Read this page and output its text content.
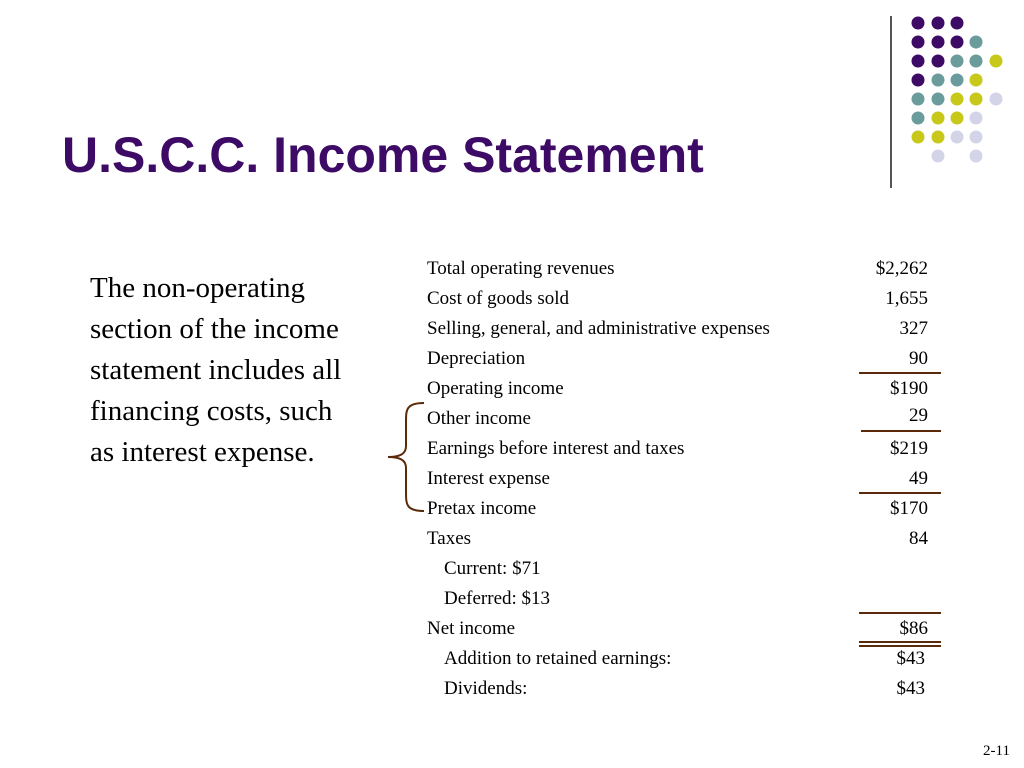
U.S.C.C. Income Statement
The non-operating section of the income statement includes all financing costs, such as interest expense.
Total operating revenues	$2,262
Cost of goods sold	1,655
Selling, general, and administrative expenses	327
Depreciation	90
Operating income	$190
Other income	29
Earnings before interest and taxes	$219
Interest expense	49
Pretax income	$170
Taxes	84
Current: $71
Deferred: $13
Net income	$86
Addition to retained earnings:	$43
Dividends:	$43
2-11
